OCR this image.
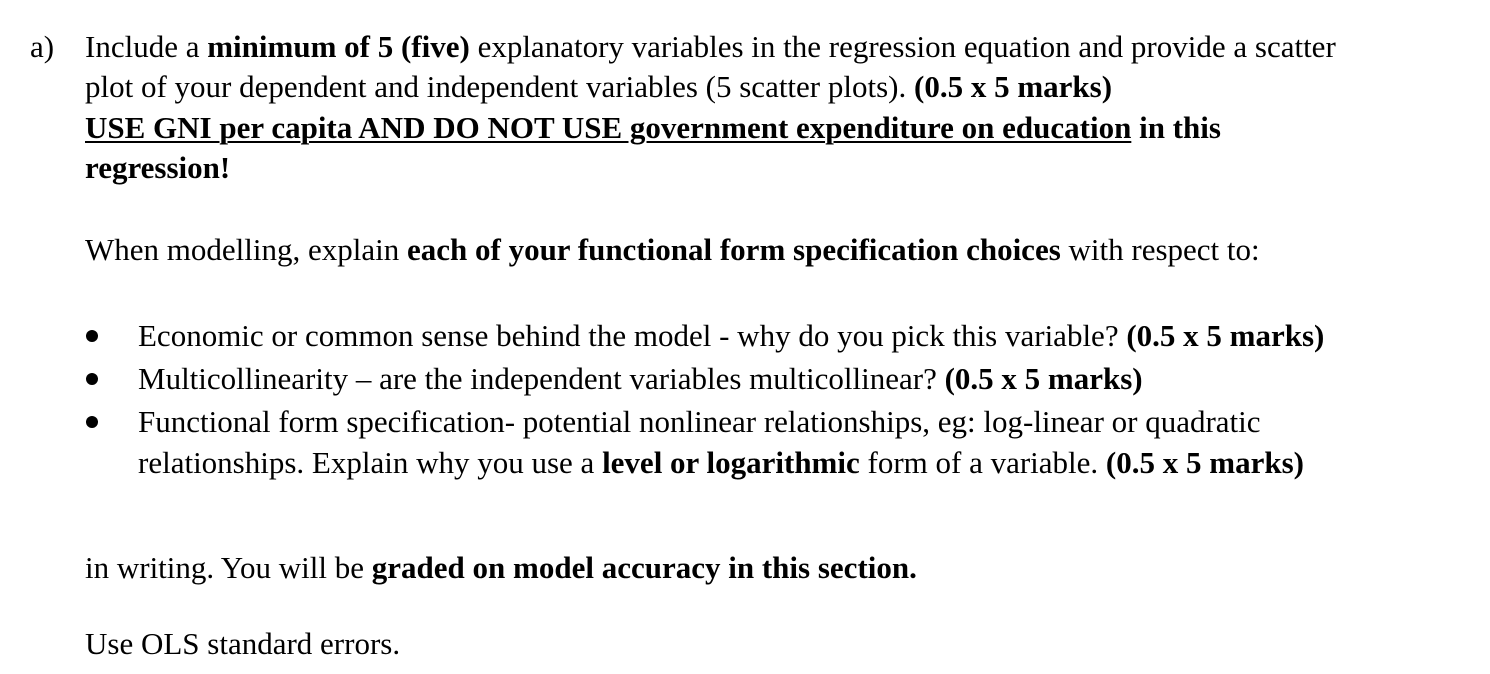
a) Include a minimum of 5 (five) explanatory variables in the regression equation and provide a scatter
plot of your dependent and independent variables (5 scatter plots). (0.5 x 5 marks)
USE GNI per capita AND DO NOT USE government expenditure on education in this
regression!
When modelling, explain each of your functional form specification choices with respect to:
Economic or common sense behind the model - why do you pick this variable? (0.5 x 5 marks)
Multicollinearity – are the independent variables multicollinear? (0.5 x 5 marks)
Functional form specification- potential nonlinear relationships, eg: log-linear or quadratic
relationships. Explain why you use a level or logarithmic form of a variable. (0.5 x 5 marks)
in writing. You will be graded on model accuracy in this section.
Use OLS standard errors.
